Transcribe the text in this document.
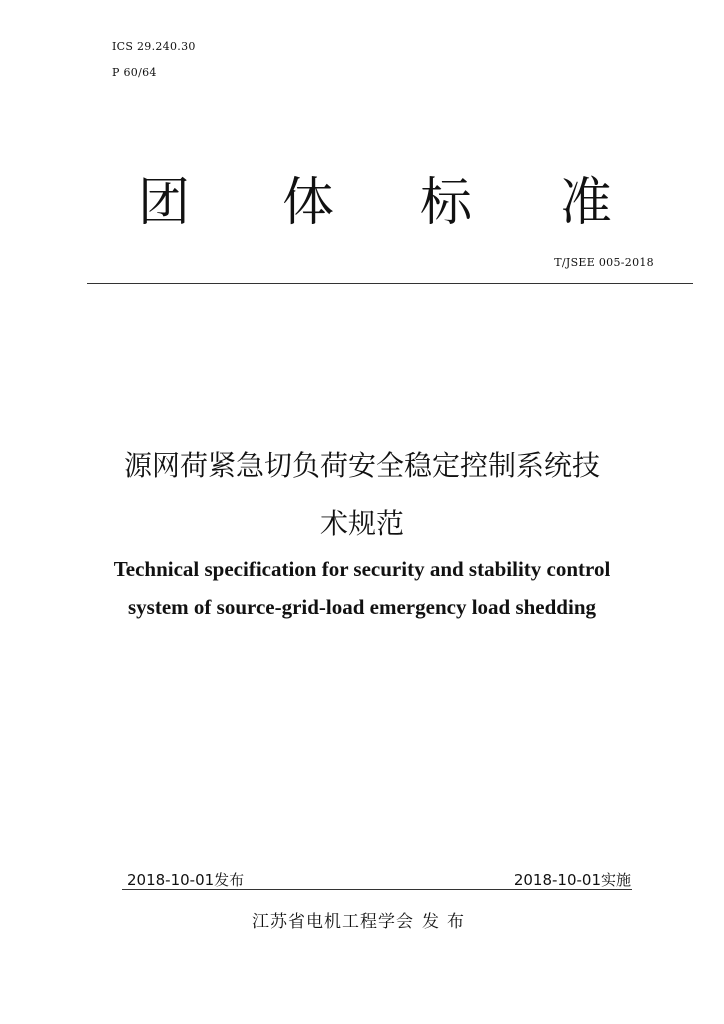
ICS 29.240.30
P 60/64
团 体 标 准
T/JSEE 005-2018
源网荷紧急切负荷安全稳定控制系统技
术规范
Technical specification for security and stability control
system of source-grid-load emergency load shedding
2018-10-01发布	2018-10-01实施
江苏省电机工程学会 发布
